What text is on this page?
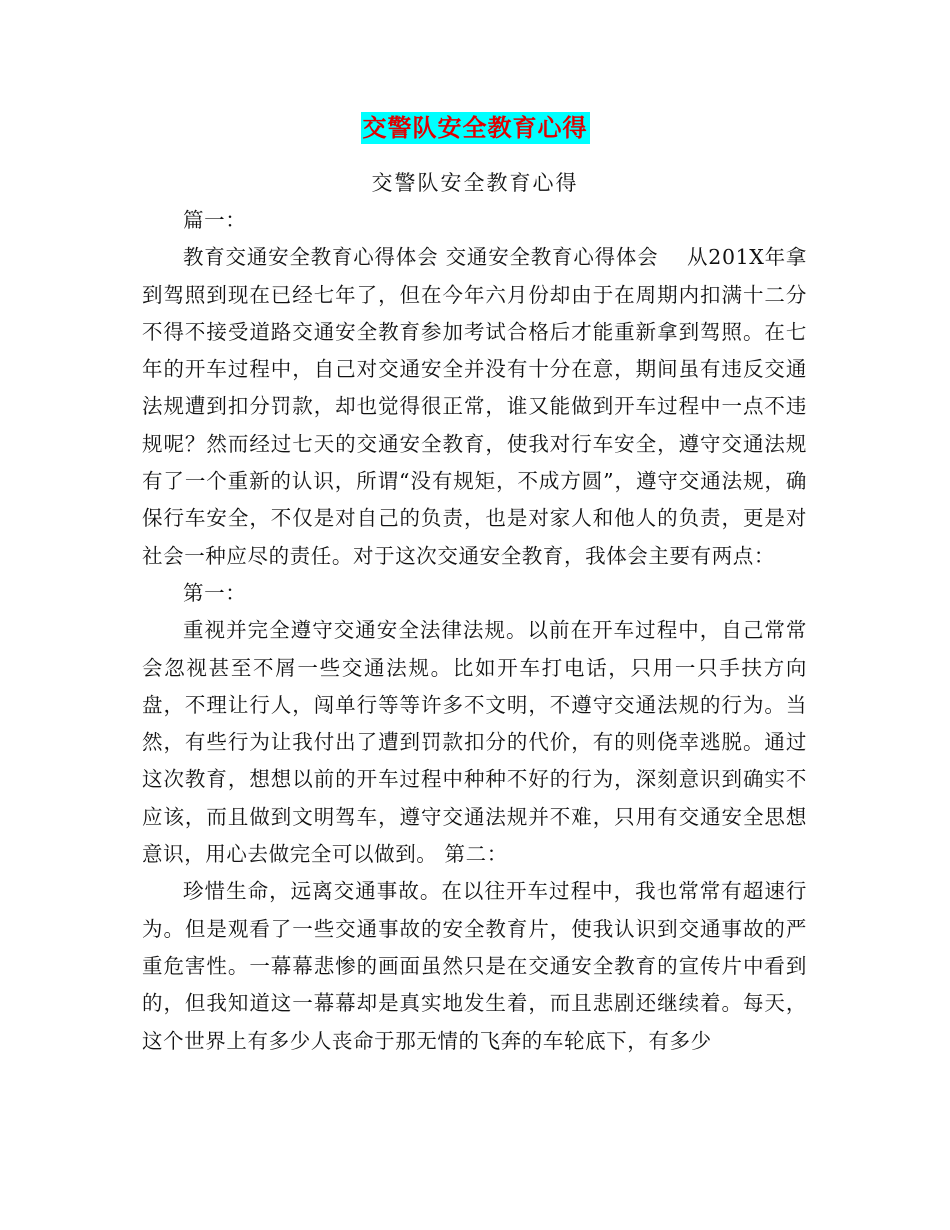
交警队安全教育心得
交警队安全教育心得

篇一：

教育交通安全教育心得体会 交通安全教育心得体会　 从201X年拿到驾照到现在已经七年了，但在今年六月份却由于在周期内扣满十二分不得不接受道路交通安全教育参加考试合格后才能重新拿到驾照。在七年的开车过程中，自己对交通安全并没有十分在意，期间虽有违反交通法规遭到扣分罚款，却也觉得很正常，谁又能做到开车过程中一点不违规呢？然而经过七天的交通安全教育，使我对行车安全，遵守交通法规有了一个重新的认识，所谓“没有规矩，不成方圆”，遵守交通法规，确保行车安全，不仅是对自己的负责，也是对家人和他人的负责，更是对社会一种应尽的责任。对于这次交通安全教育，我体会主要有两点：

第一：

重视并完全遵守交通安全法律法规。以前在开车过程中，自己常常会忽视甚至不屑一些交通法规。比如开车打电话，只用一只手扶方向盘，不理让行人，闯单行等等许多不文明，不遵守交通法规的行为。当然，有些行为让我付出了遭到罚款扣分的代价，有的则侥幸逃脱。通过这次教育，想想以前的开车过程中种种不好的行为，深刻意识到确实不应该，而且做到文明驾车，遵守交通法规并不难，只用有交通安全思想意识，用心去做完全可以做到。 第二：

珍惜生命，远离交通事故。在以往开车过程中，我也常常有超速行为。但是观看了一些交通事故的安全教育片，使我认识到交通事故的严重危害性。一幕幕悲惨的画面虽然只是在交通安全教育的宣传片中看到的，但我知道这一幕幕却是真实地发生着，而且悲剧还继续着。每天，这个世界上有多少人丧命于那无情的飞奔的车轮底下，有多少
